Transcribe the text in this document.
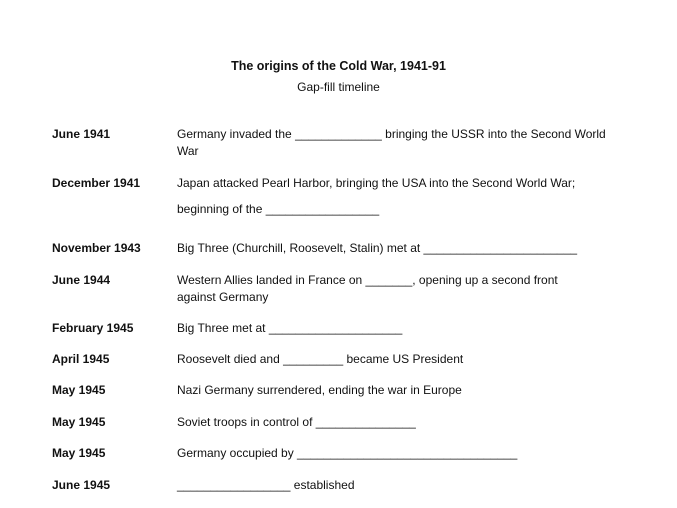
The origins of the Cold War, 1941-91
Gap-fill timeline
June 1941	Germany invaded the _____________ bringing the USSR into the Second World War
December 1941	Japan attacked Pearl Harbor, bringing the USA into the Second World War; beginning of the _________________
November 1943	Big Three (Churchill, Roosevelt, Stalin) met at _______________________
June 1944	Western Allies landed in France on _______, opening up a second front against Germany
February 1945	Big Three met at ____________________
April 1945	Roosevelt died and _________ became US President
May 1945	Nazi Germany surrendered, ending the war in Europe
May 1945	Soviet troops in control of _______________
May 1945	Germany occupied by _________________________________
June 1945	_________________ established
